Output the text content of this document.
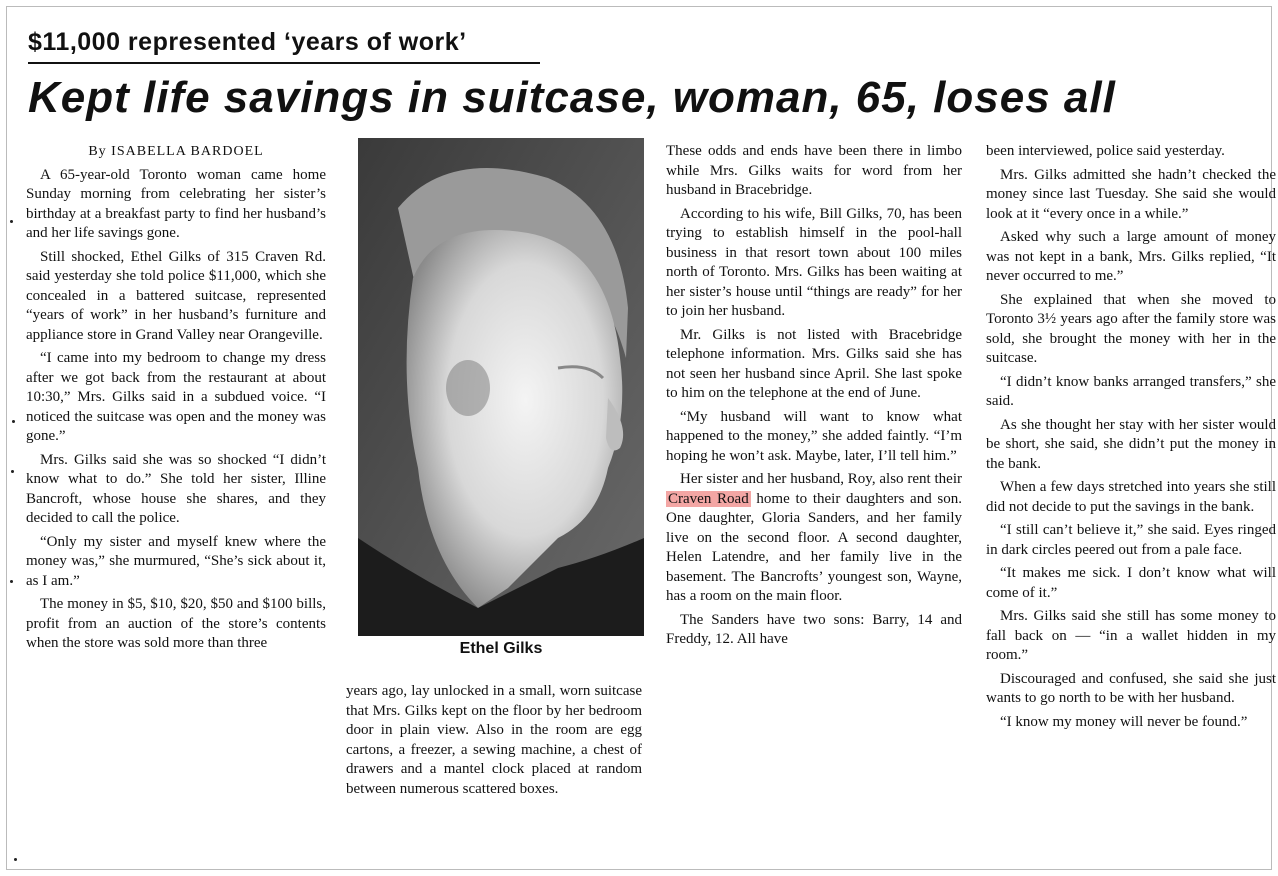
$11,000 represented ‘years of work’
Kept life savings in suitcase, woman, 65, loses all

By ISABELLA BARDOEL

A 65-year-old Toronto woman came home Sunday morning from celebrating her sister’s birthday at a breakfast party to find her husband’s and her life savings gone.

Still shocked, Ethel Gilks of 315 Craven Rd. said yesterday she told police $11,000, which she concealed in a battered suitcase, represented “years of work” in her husband’s furniture and appliance store in Grand Valley near Orangeville.

“I came into my bedroom to change my dress after we got back from the restaurant at about 10:30,” Mrs. Gilks said in a subdued voice. “I noticed the suitcase was open and the money was gone.”

Mrs. Gilks said she was so shocked “I didn’t know what to do.” She told her sister, Illine Bancroft, whose house she shares, and they decided to call the police.

“Only my sister and myself knew where the money was,” she murmured, “She’s sick about it, as I am.”

The money in $5, $10, $20, $50 and $100 bills, profit from an auction of the store’s contents when the store was sold more than three	Ethel Gilks

years ago, lay unlocked in a small, worn suitcase that Mrs. Gilks kept on the floor by her bedroom door in plain view. Also in the room are egg cartons, a freezer, a sewing machine, a chest of drawers and a mantel clock placed at random between numerous scattered boxes.

These odds and ends have been there in limbo while Mrs. Gilks waits for word from her husband in Bracebridge.

According to his wife, Bill Gilks, 70, has been trying to establish himself in the pool-hall business in that resort town about 100 miles north of Toronto. Mrs. Gilks has been waiting at her sister’s house until “things are ready” for her to join her husband.

Mr. Gilks is not listed with Bracebridge telephone information. Mrs. Gilks said she has not seen her husband since April. She last spoke to him on the telephone at the end of June.

“My husband will want to know what happened to the money,” she added faintly. “I’m hoping he won’t ask. Maybe, later, I’ll tell him.”

Her sister and her husband, Roy, also rent their Craven Road home to their daughters and son. One daughter, Gloria Sanders, and her family live on the second floor. A second daughter, Helen Latendre, and her family live in the basement. The Bancrofts’ youngest son, Wayne, has a room on the main floor.

The Sanders have two sons: Barry, 14 and Freddy, 12. All have

been interviewed, police said yesterday.

Mrs. Gilks admitted she hadn’t checked the money since last Tuesday. She said she would look at it “every once in a while.”

Asked why such a large amount of money was not kept in a bank, Mrs. Gilks replied, “It never occurred to me.”

She explained that when she moved to Toronto 3½ years ago after the family store was sold, she brought the money with her in the suitcase.

“I didn’t know banks arranged transfers,” she said.

As she thought her stay with her sister would be short, she said, she didn’t put the money in the bank.

When a few days stretched into years she still did not decide to put the savings in the bank.

“I still can’t believe it,” she said. Eyes ringed in dark circles peered out from a pale face.

“It makes me sick. I don’t know what will come of it.”

Mrs. Gilks said she still has some money to fall back on — “in a wallet hidden in my room.”

Discouraged and confused, she said she just wants to go north to be with her husband.

“I know my money will never be found.”
